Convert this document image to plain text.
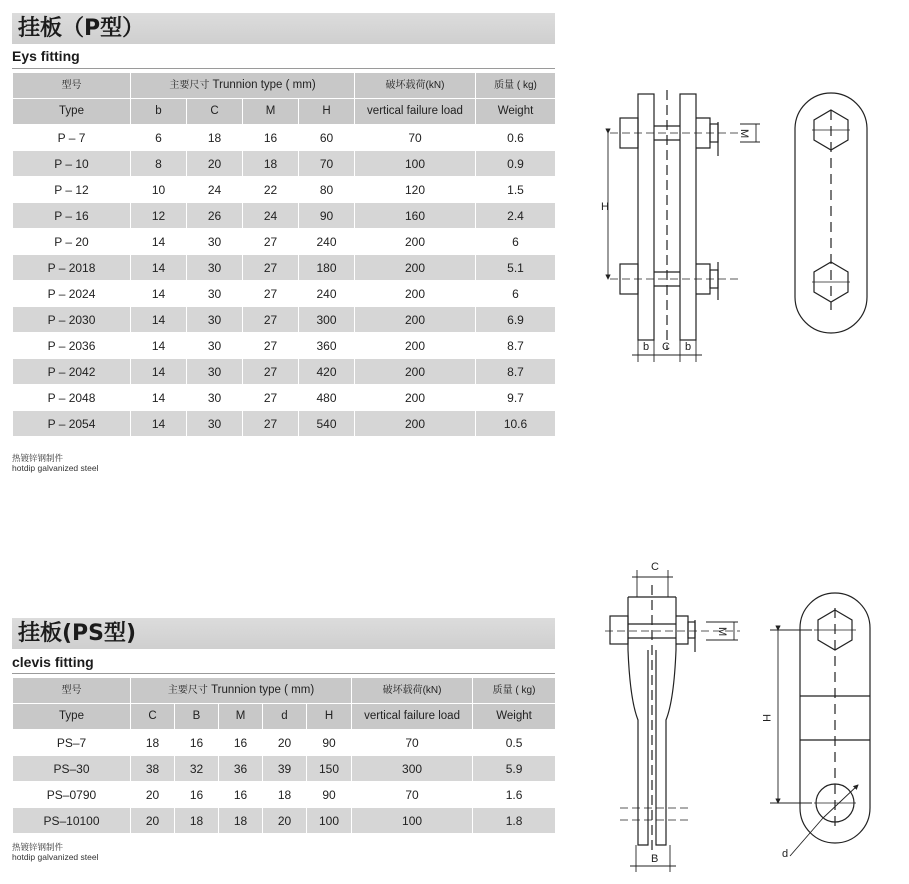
挂板（P型）
Eys fitting
型号	主要尺寸 Trunnion type ( mm)				破坏载荷(kN)	质量 ( kg)
Type	b	C	M	H	vertical failure load	Weight
P – 7	6	18	16	60	70	0.6
P – 10	8	20	18	70	100	0.9
P – 12	10	24	22	80	120	1.5
P – 16	12	26	24	90	160	2.4
P – 20	14	30	27	240	200	6
P – 2018	14	30	27	180	200	5.1
P – 2024	14	30	27	240	200	6
P – 2030	14	30	27	300	200	6.9
P – 2036	14	30	27	360	200	8.7
P – 2042	14	30	27	420	200	8.7
P – 2048	14	30	27	480	200	9.7
P – 2054	14	30	27	540	200	10.6
热镀锌钢制件
hotdip galvanized steel
挂板(PS型)
clevis fitting
型号	主要尺寸 Trunnion type ( mm)					破坏载荷(kN)	质量 ( kg)
Type	C	B	M	d	H	vertical failure load	Weight
PS–7	18	16	16	20	90	70	0.5
PS–30	38	32	36	39	150	300	5.9
PS–0790	20	16	16	18	90	70	1.6
PS–10100	20	18	18	20	100	100	1.8
热镀锌钢制件
hotdip galvanized steel
H
M
b C b
C
M
B
H
d
